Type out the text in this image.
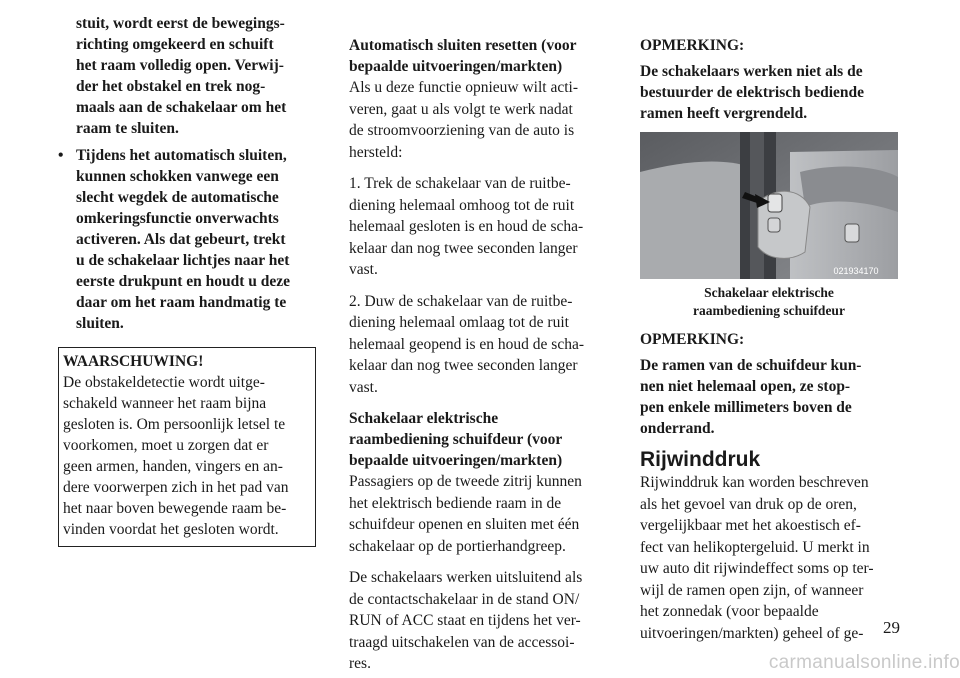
stuit, wordt eerst de bewegings-
richting omgekeerd en schuift
het raam volledig open. Verwij-
der het obstakel en trek nog-
maals aan de schakelaar om het
raam te sluiten.
• Tijdens het automatisch sluiten,
kunnen schokken vanwege een
slecht wegdek de automatische
omkeringsfunctie onverwachts
activeren. Als dat gebeurt, trekt
u de schakelaar lichtjes naar het
eerste drukpunt en houdt u deze
daar om het raam handmatig te
sluiten.
WAARSCHUWING!
De obstakeldetectie wordt uitge-
schakeld wanneer het raam bijna
gesloten is. Om persoonlijk letsel te
voorkomen, moet u zorgen dat er
geen armen, handen, vingers en an-
dere voorwerpen zich in het pad van
het naar boven bewegende raam be-
vinden voordat het gesloten wordt.
Automatisch sluiten resetten (voor
bepaalde uitvoeringen/markten)
Als u deze functie opnieuw wilt acti-
veren, gaat u als volgt te werk nadat
de stroomvoorziening van de auto is
hersteld:
1. Trek de schakelaar van de ruitbe-
diening helemaal omhoog tot de ruit
helemaal gesloten is en houd de scha-
kelaar dan nog twee seconden langer
vast.
2. Duw de schakelaar van de ruitbe-
diening helemaal omlaag tot de ruit
helemaal geopend is en houd de scha-
kelaar dan nog twee seconden langer
vast.
Schakelaar elektrische
raambediening schuifdeur (voor
bepaalde uitvoeringen/markten)
Passagiers op de tweede zitrij kunnen
het elektrisch bediende raam in de
schuifdeur openen en sluiten met één
schakelaar op de portierhandgreep.
De schakelaars werken uitsluitend als
de contactschakelaar in de stand ON/
RUN of ACC staat en tijdens het ver-
traagd uitschakelen van de accessoi-
res.
OPMERKING:
De schakelaars werken niet als de
bestuurder de elektrisch bediende
ramen heeft vergrendeld.
021934170
Schakelaar elektrische
raambediening schuifdeur
OPMERKING:
De ramen van de schuifdeur kun-
nen niet helemaal open, ze stop-
pen enkele millimeters boven de
onderrand.
Rijwinddruk
Rijwinddruk kan worden beschreven
als het gevoel van druk op de oren,
vergelijkbaar met het akoestisch ef-
fect van helikoptergeluid. U merkt in
uw auto dit rijwindeffect soms op ter-
wijl de ramen open zijn, of wanneer
het zonnedak (voor bepaalde
uitvoeringen/markten) geheel of ge-	29
carmanualsonline.info
